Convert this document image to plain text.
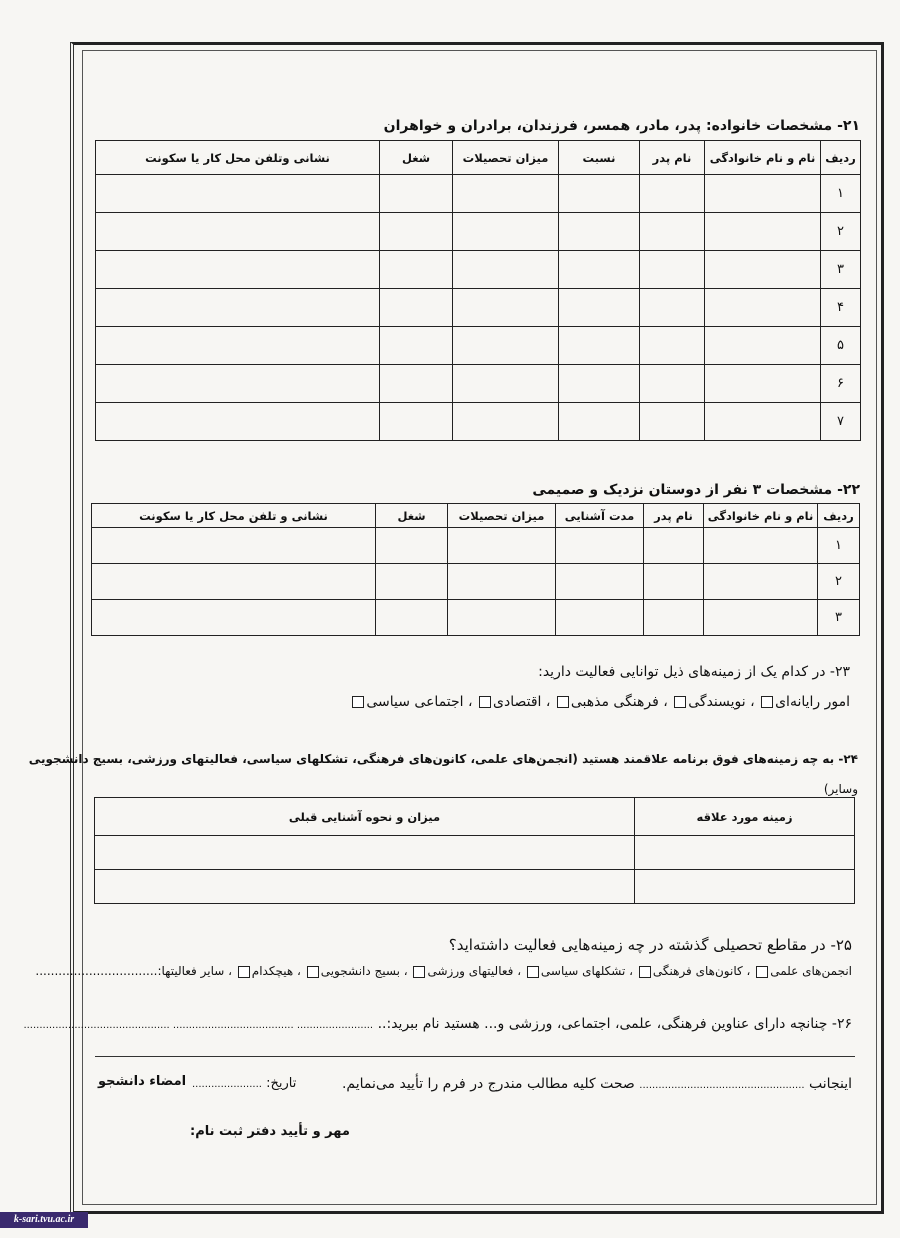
۲۱- مشخصات خانواده: پدر، مادر، همسر، فرزندان، برادران و خواهران
ردیف	نام و نام خانوادگی	نام پدر	نسبت	میزان تحصیلات	شغل	نشانی وتلفن محل کار یا سکونت
۱						
۲						
۳						
۴						
۵						
۶						
۷						
۲۲- مشخصات ۳ نفر از دوستان نزدیک و صمیمی
ردیف	نام و نام خانوادگی	نام پدر	مدت آشنایی	میزان تحصیلات	شغل	نشانی و تلفن محل کار یا سکونت
۱						
۲						
۳						
۲۳- در کدام یک از زمینه‌های ذیل توانایی فعالیت دارید:
امور رایانه‌ای ، نویسندگی ، فرهنگی مذهبی ، اقتصادی ، اجتماعی سیاسی
۲۴- به چه زمینه‌های فوق برنامه علاقمند هستید (انجمن‌های علمی، کانون‌های فرهنگی، تشکلهای سیاسی، فعالیتهای ورزشی، بسیج دانشجویی
وسایر)
زمینه مورد علاقه	میزان و نحوه آشنایی قبلی

۲۵- در مقاطع تحصیلی گذشته در چه زمینه‌هایی فعالیت داشته‌اید؟
انجمن‌های علمی ، کانون‌های فرهنگی ، تشکلهای سیاسی ، فعالیتهای ورزشی ، بسیج دانشجویی ، هیچکدام ، سایر فعالیتها:................................
۲۶- چنانچه دارای عناوین فرهنگی، علمی، اجتماعی، ورزشی و... هستید نام ببرید:.. ........................ ...................................... ..............................................
اینجانب .................................................... صحت کلیه مطالب مندرج در فرم را تأیید می‌نمایم.
تاریخ: ......................
امضاء دانشجو
مهر و تأیید دفتر ثبت نام:
k-sari.tvu.ac.ir
